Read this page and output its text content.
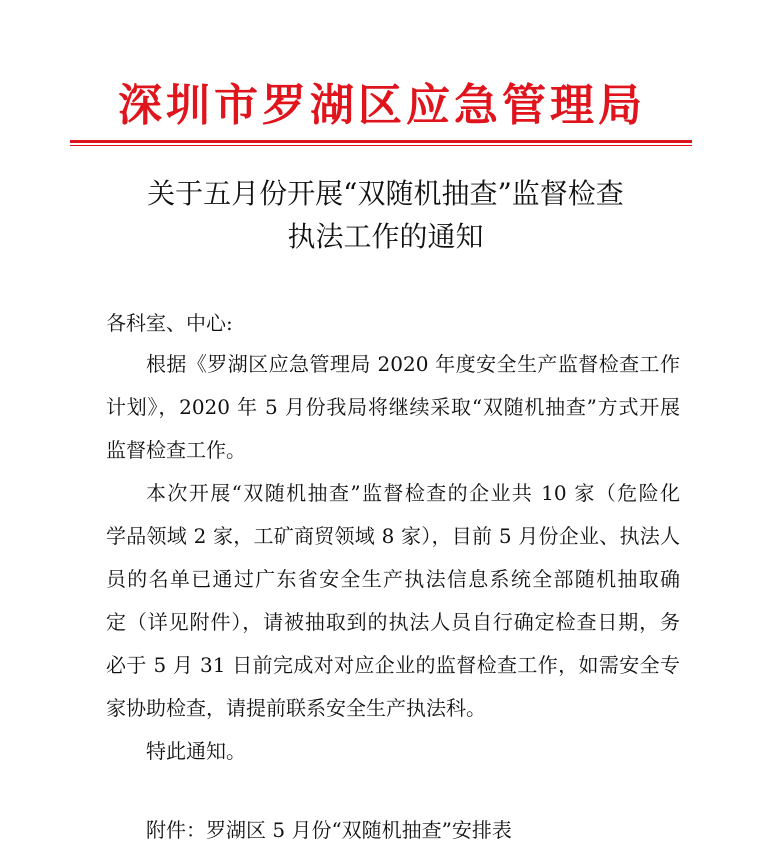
深圳市罗湖区应急管理局
关于五月份开展“双随机抽查”监督检查
执法工作的通知
各科室、中心:
根据《罗湖区应急管理局 2020 年度安全生产监督检查工作
计划》，2020 年 5 月份我局将继续采取“双随机抽查”方式开展
监督检查工作。
本次开展“双随机抽查”监督检查的企业共 10 家（危险化
学品领域 2 家，工矿商贸领域 8 家），目前 5 月份企业、执法人
员的名单已通过广东省安全生产执法信息系统全部随机抽取确
定（详见附件），请被抽取到的执法人员自行确定检查日期，务
必于 5 月 31 日前完成对对应企业的监督检查工作，如需安全专
家协助检查，请提前联系安全生产执法科。
特此通知。
附件：罗湖区 5 月份“双随机抽查”安排表
